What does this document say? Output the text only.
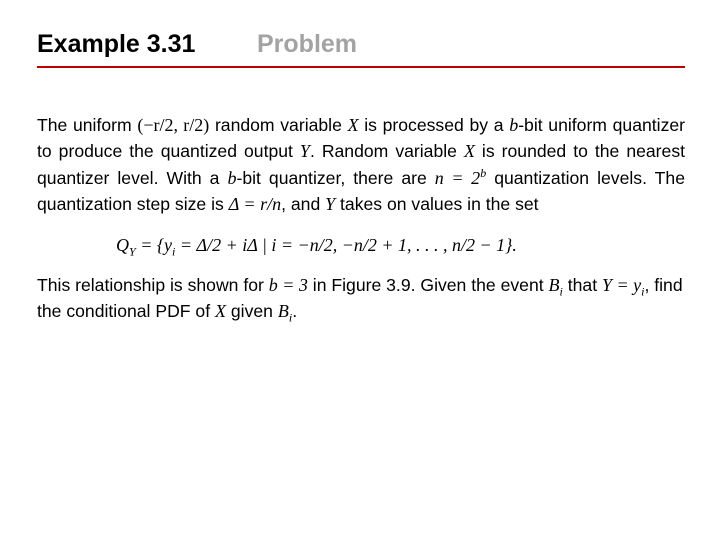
Example 3.31 Problem

The uniform (−r/2, r/2) random variable X is processed by a b-bit uniform quantizer to produce the quantized output Y. Random variable X is rounded to the nearest quantizer level. With a b-bit quantizer, there are $n = 2^b$ quantization levels. The quantization step size is Δ = r/n, and Y takes on values in the set

$Q_Y = \{y_i = \Delta/2 + i\Delta$ | i = −n/2, −n/2 + 1, . . . , n/2 − 1}.

This relationship is shown for b = 3 in Figure 3.9. Given the event $B_i$ that $Y = y_i$, find the conditional PDF of X given $B_i$.
